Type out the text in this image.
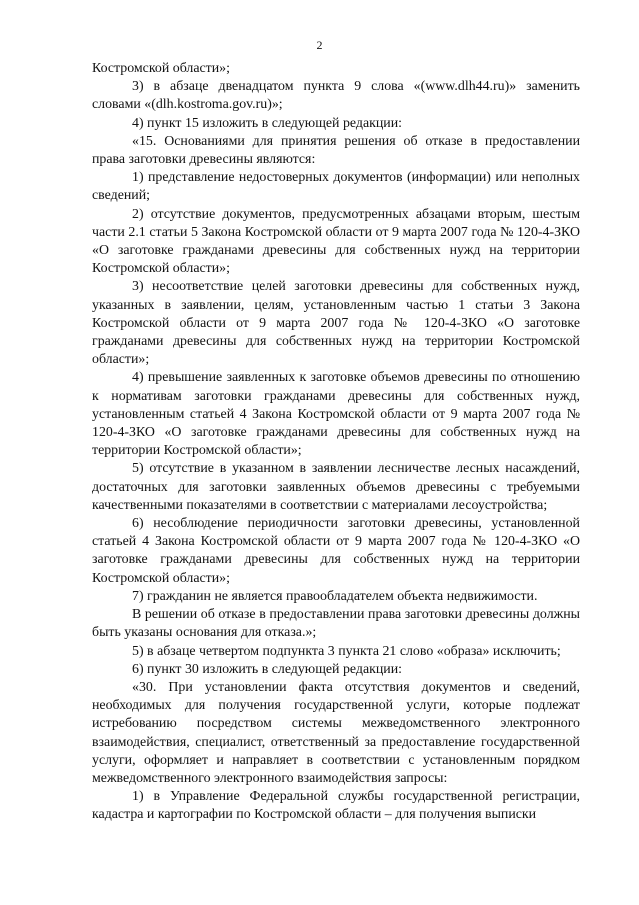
2

Костромской области»;

3) в абзаце двенадцатом пункта 9 слова «(www.dlh44.ru)» заменить словами «(dlh.kostroma.gov.ru)»;

4) пункт 15 изложить в следующей редакции:

«15. Основаниями для принятия решения об отказе в предоставлении права заготовки древесины являются:

1) представление недостоверных документов (информации) или неполных сведений;

2) отсутствие документов, предусмотренных абзацами вторым, шестым части 2.1 статьи 5 Закона Костромской области от 9 марта 2007 года № 120-4-ЗКО «О заготовке гражданами древесины для собственных нужд на территории Костромской области»;

3) несоответствие целей заготовки древесины для собственных нужд, указанных в заявлении, целям, установленным частью 1 статьи 3 Закона Костромской области от 9 марта 2007 года № 120-4-ЗКО «О заготовке гражданами древесины для собственных нужд на территории Костромской области»;

4) превышение заявленных к заготовке объемов древесины по отношению к нормативам заготовки гражданами древесины для собственных нужд, установленным статьей 4 Закона Костромской области от 9 марта 2007 года № 120-4-ЗКО «О заготовке гражданами древесины для собственных нужд на территории Костромской области»;

5) отсутствие в указанном в заявлении лесничестве лесных насаждений, достаточных для заготовки заявленных объемов древесины с требуемыми качественными показателями в соответствии с материалами лесоустройства;

6) несоблюдение периодичности заготовки древесины, установленной статьей 4 Закона Костромской области от 9 марта 2007 года № 120-4-ЗКО «О заготовке гражданами древесины для собственных нужд на территории Костромской области»;

7) гражданин не является правообладателем объекта недвижимости.

В решении об отказе в предоставлении права заготовки древесины должны быть указаны основания для отказа.»;

5) в абзаце четвертом подпункта 3 пункта 21 слово «образа» исключить;

6) пункт 30 изложить в следующей редакции:

«30. При установлении факта отсутствия документов и сведений, необходимых для получения государственной услуги, которые подлежат истребованию посредством системы межведомственного электронного взаимодействия, специалист, ответственный за предоставление государственной услуги, оформляет и направляет в соответствии с установленным порядком межведомственного электронного взаимодействия запросы:

1) в Управление Федеральной службы государственной регистрации, кадастра и картографии по Костромской области – для получения выписки
